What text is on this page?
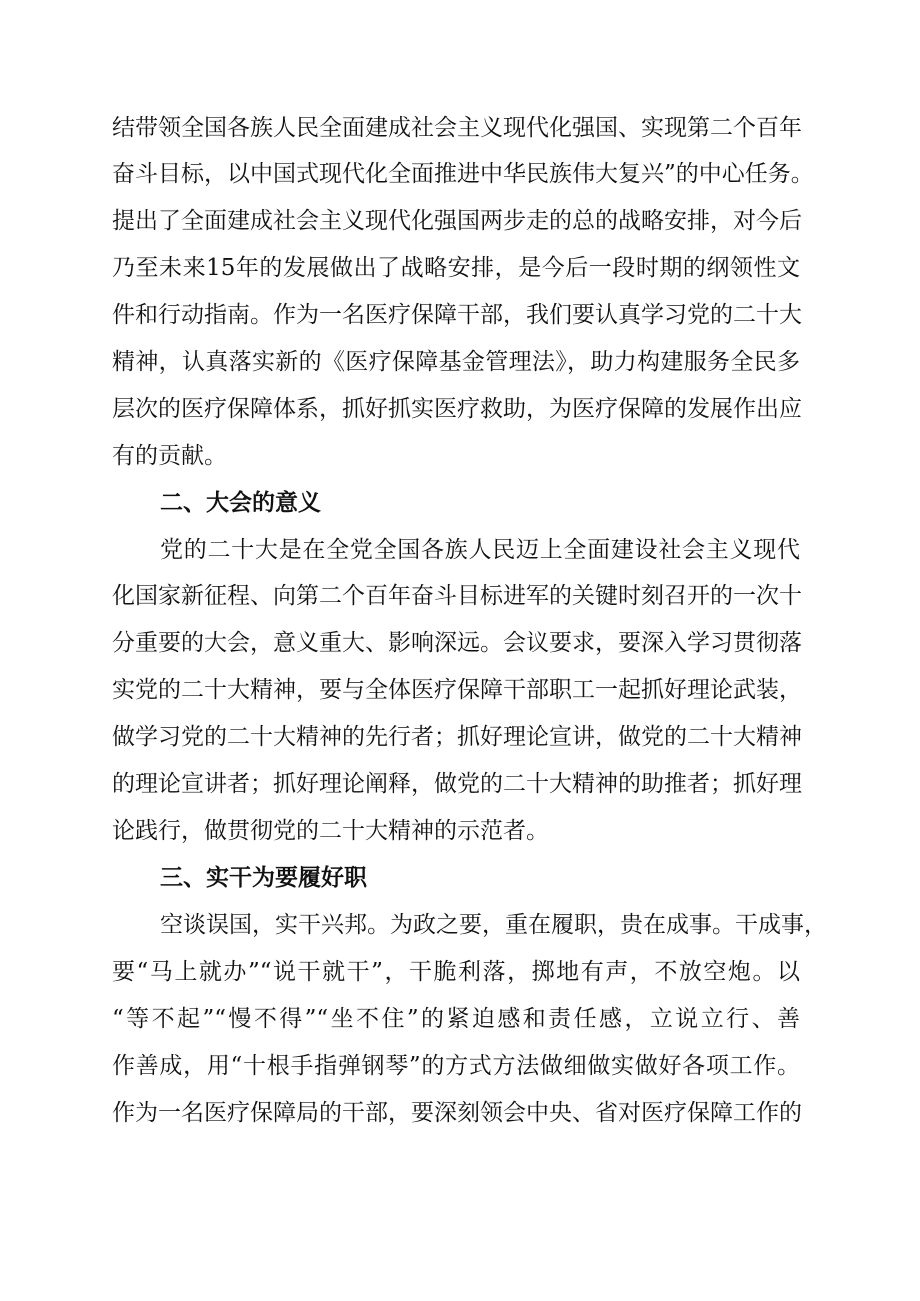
结带领全国各族人民全面建成社会主义现代化强国、实现第二个百年
奋斗目标，以中国式现代化全面推进中华民族伟大复兴”的中心任务。
提出了全面建成社会主义现代化强国两步走的总的战略安排，对今后
乃至未来15年的发展做出了战略安排，是今后一段时期的纲领性文
件和行动指南。作为一名医疗保障干部，我们要认真学习党的二十大
精神，认真落实新的《医疗保障基金管理法》，助力构建服务全民多
层次的医疗保障体系，抓好抓实医疗救助，为医疗保障的发展作出应
有的贡献。
二、大会的意义
党的二十大是在全党全国各族人民迈上全面建设社会主义现代
化国家新征程、向第二个百年奋斗目标进军的关键时刻召开的一次十
分重要的大会，意义重大、影响深远。会议要求，要深入学习贯彻落
实党的二十大精神，要与全体医疗保障干部职工一起抓好理论武装，
做学习党的二十大精神的先行者；抓好理论宣讲，做党的二十大精神
的理论宣讲者；抓好理论阐释，做党的二十大精神的助推者；抓好理
论践行，做贯彻党的二十大精神的示范者。
三、实干为要履好职
空谈误国，实干兴邦。为政之要，重在履职，贵在成事。干成事，
要“马上就办”“说干就干”，干脆利落，掷地有声，不放空炮。以
“等不起”“慢不得”“坐不住”的紧迫感和责任感，立说立行、善
作善成，用“十根手指弹钢琴”的方式方法做细做实做好各项工作。
作为一名医疗保障局的干部，要深刻领会中央、省对医疗保障工作的
